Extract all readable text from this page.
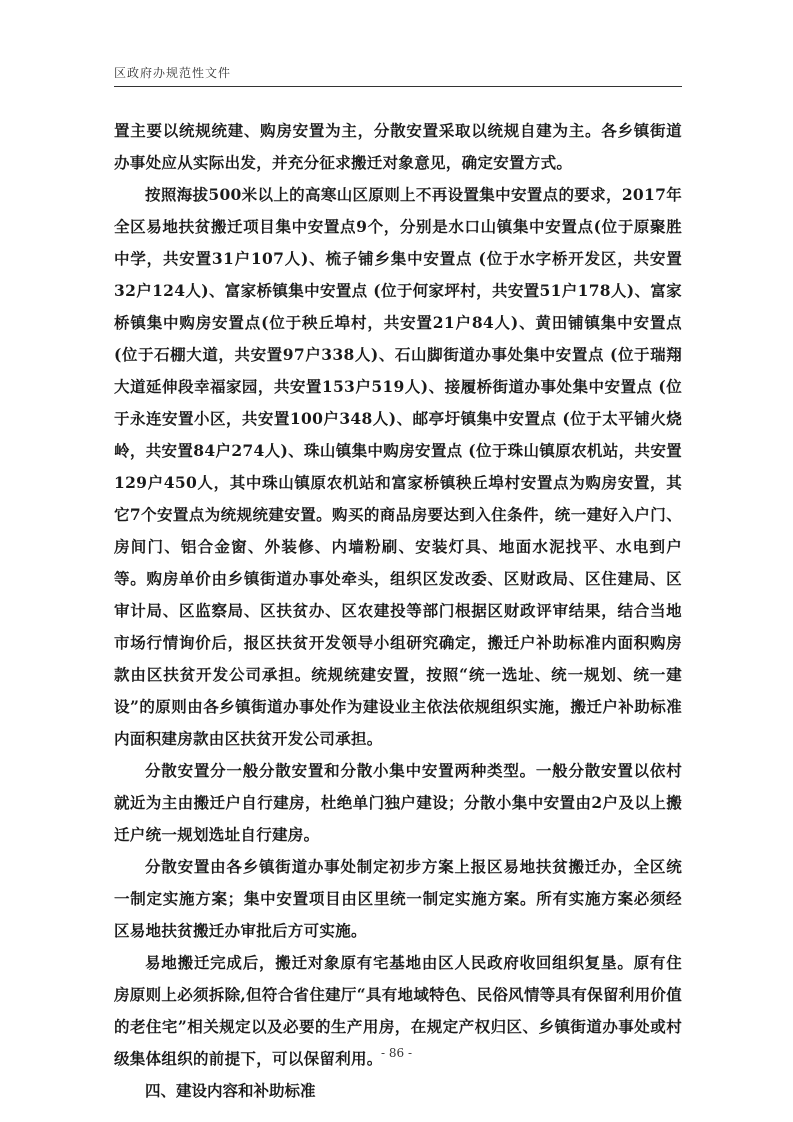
区政府办规范性文件

置主要以统规统建、购房安置为主，分散安置采取以统规自建为主。各乡镇街道办事处应从实际出发，并充分征求搬迁对象意见，确定安置方式。

按照海拔500米以上的高寒山区原则上不再设置集中安置点的要求，2017年全区易地扶贫搬迁项目集中安置点9个，分别是水口山镇集中安置点(位于原聚胜中学，共安置31户107人)、梳子铺乡集中安置点 (位于水字桥开发区，共安置32户124人)、富家桥镇集中安置点 (位于何家坪村，共安置51户178人)、富家桥镇集中购房安置点(位于秧丘埠村，共安置21户84人)、黄田铺镇集中安置点(位于石棚大道，共安置97户338人)、石山脚街道办事处集中安置点 (位于瑞翔大道延伸段幸福家园，共安置153户519人)、接履桥街道办事处集中安置点 (位于永连安置小区，共安置100户348人)、邮亭圩镇集中安置点 (位于太平铺火烧岭，共安置84户274人)、珠山镇集中购房安置点 (位于珠山镇原农机站，共安置129户450人，其中珠山镇原农机站和富家桥镇秧丘埠村安置点为购房安置，其它7个安置点为统规统建安置。购买的商品房要达到入住条件，统一建好入户门、房间门、铝合金窗、外装修、内墙粉刷、安装灯具、地面水泥找平、水电到户等。购房单价由乡镇街道办事处牵头，组织区发改委、区财政局、区住建局、区审计局、区监察局、区扶贫办、区农建投等部门根据区财政评审结果，结合当地市场行情询价后，报区扶贫开发领导小组研究确定，搬迁户补助标准内面积购房款由区扶贫开发公司承担。统规统建安置，按照“统一选址、统一规划、统一建设”的原则由各乡镇街道办事处作为建设业主依法依规组织实施，搬迁户补助标准内面积建房款由区扶贫开发公司承担。

分散安置分一般分散安置和分散小集中安置两种类型。一般分散安置以依村就近为主由搬迁户自行建房，杜绝单门独户建设；分散小集中安置由2户及以上搬迁户统一规划选址自行建房。

分散安置由各乡镇街道办事处制定初步方案上报区易地扶贫搬迁办，全区统一制定实施方案；集中安置项目由区里统一制定实施方案。所有实施方案必须经区易地扶贫搬迁办审批后方可实施。

易地搬迁完成后，搬迁对象原有宅基地由区人民政府收回组织复垦。原有住房原则上必须拆除,但符合省住建厅“具有地域特色、民俗风情等具有保留利用价值的老住宅”相关规定以及必要的生产用房，在规定产权归区、乡镇街道办事处或村级集体组织的前提下，可以保留利用。

四、建设内容和补助标准

- 86 -
